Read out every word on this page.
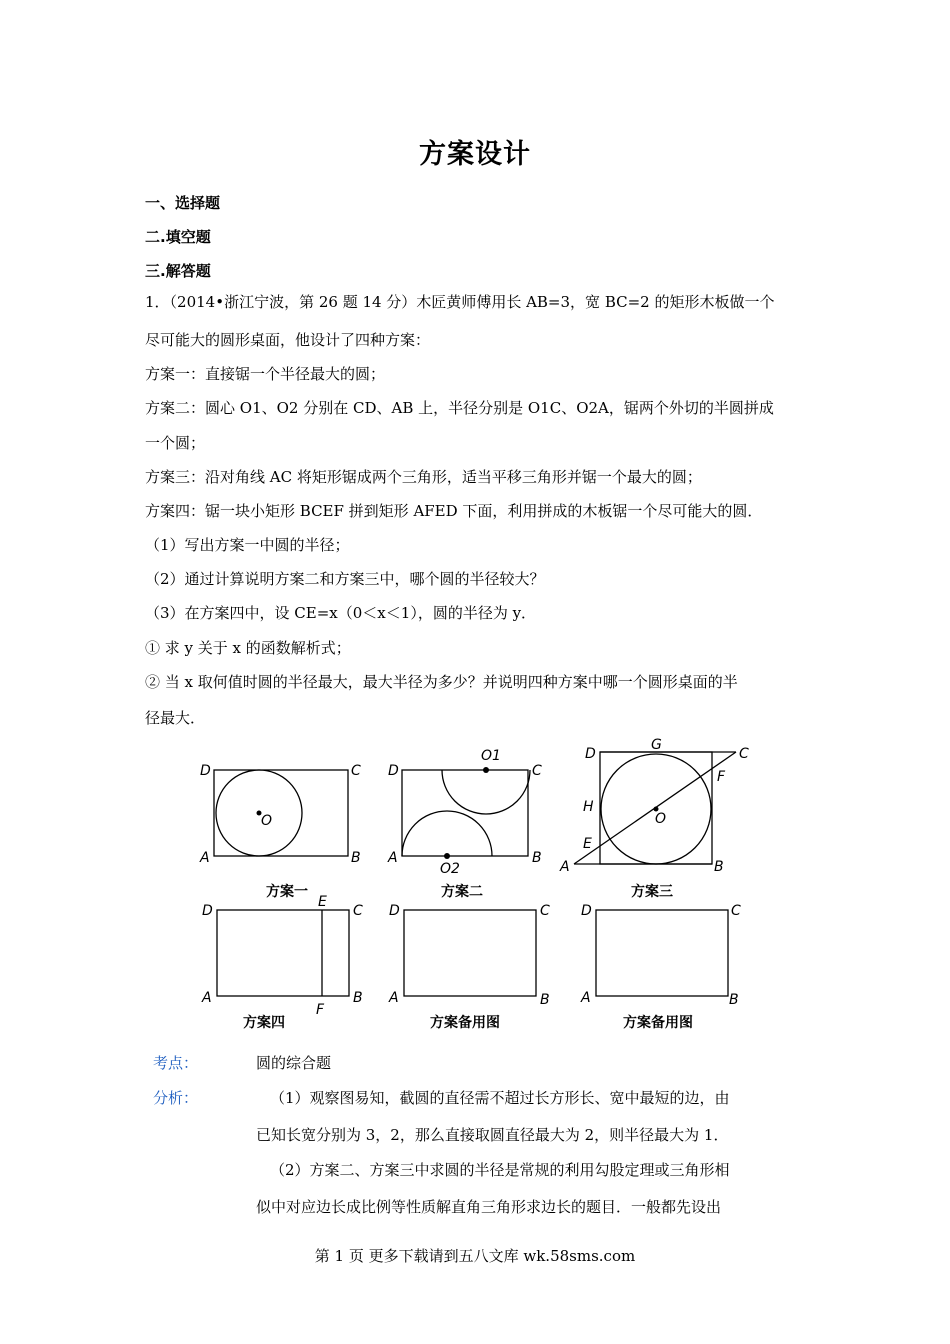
方案设计
一、选择题
二.填空题
三.解答题
1．（2014•浙江宁波，第 26 题 14 分）木匠黄师傅用长 AB=3，宽 BC=2 的矩形木板做一个
尽可能大的圆形桌面，他设计了四种方案：
方案一：直接锯一个半径最大的圆；
方案二：圆心 O1、O2 分别在 CD、AB 上，半径分别是 O1C、O2A，锯两个外切的半圆拼成
一个圆；
方案三：沿对角线 AC 将矩形锯成两个三角形，适当平移三角形并锯一个最大的圆；
方案四：锯一块小矩形 BCEF 拼到矩形 AFED 下面，利用拼成的木板锯一个尽可能大的圆．
（1）写出方案一中圆的半径；
（2）通过计算说明方案二和方案三中，哪个圆的半径较大？
（3）在方案四中，设 CE=x（0＜x＜1），圆的半径为 y．
① 求 y 关于 x 的函数解析式；
② 当 x 取何值时圆的半径最大，最大半径为多少？并说明四种方案中哪一个圆形桌面的半
径最大．
D	C
A	B
O
D	C
A	B
O1
O2
D
G
C
F
H
O
E
A	B
D
E
C
A	B
F
D	C
A	B
D	C
A	B
方案一	方案二	方案三
方案四	方案备用图	方案备用图
考点：	圆的综合题
分析：	（1）观察图易知，截圆的直径需不超过长方形长、宽中最短的边，由
已知长宽分别为 3，2，那么直接取圆直径最大为 2，则半径最大为 1．
（2）方案二、方案三中求圆的半径是常规的利用勾股定理或三角形相
似中对应边长成比例等性质解直角三角形求边长的题目．一般都先设出
第 1 页 更多下载请到五八文库 wk.58sms.com
